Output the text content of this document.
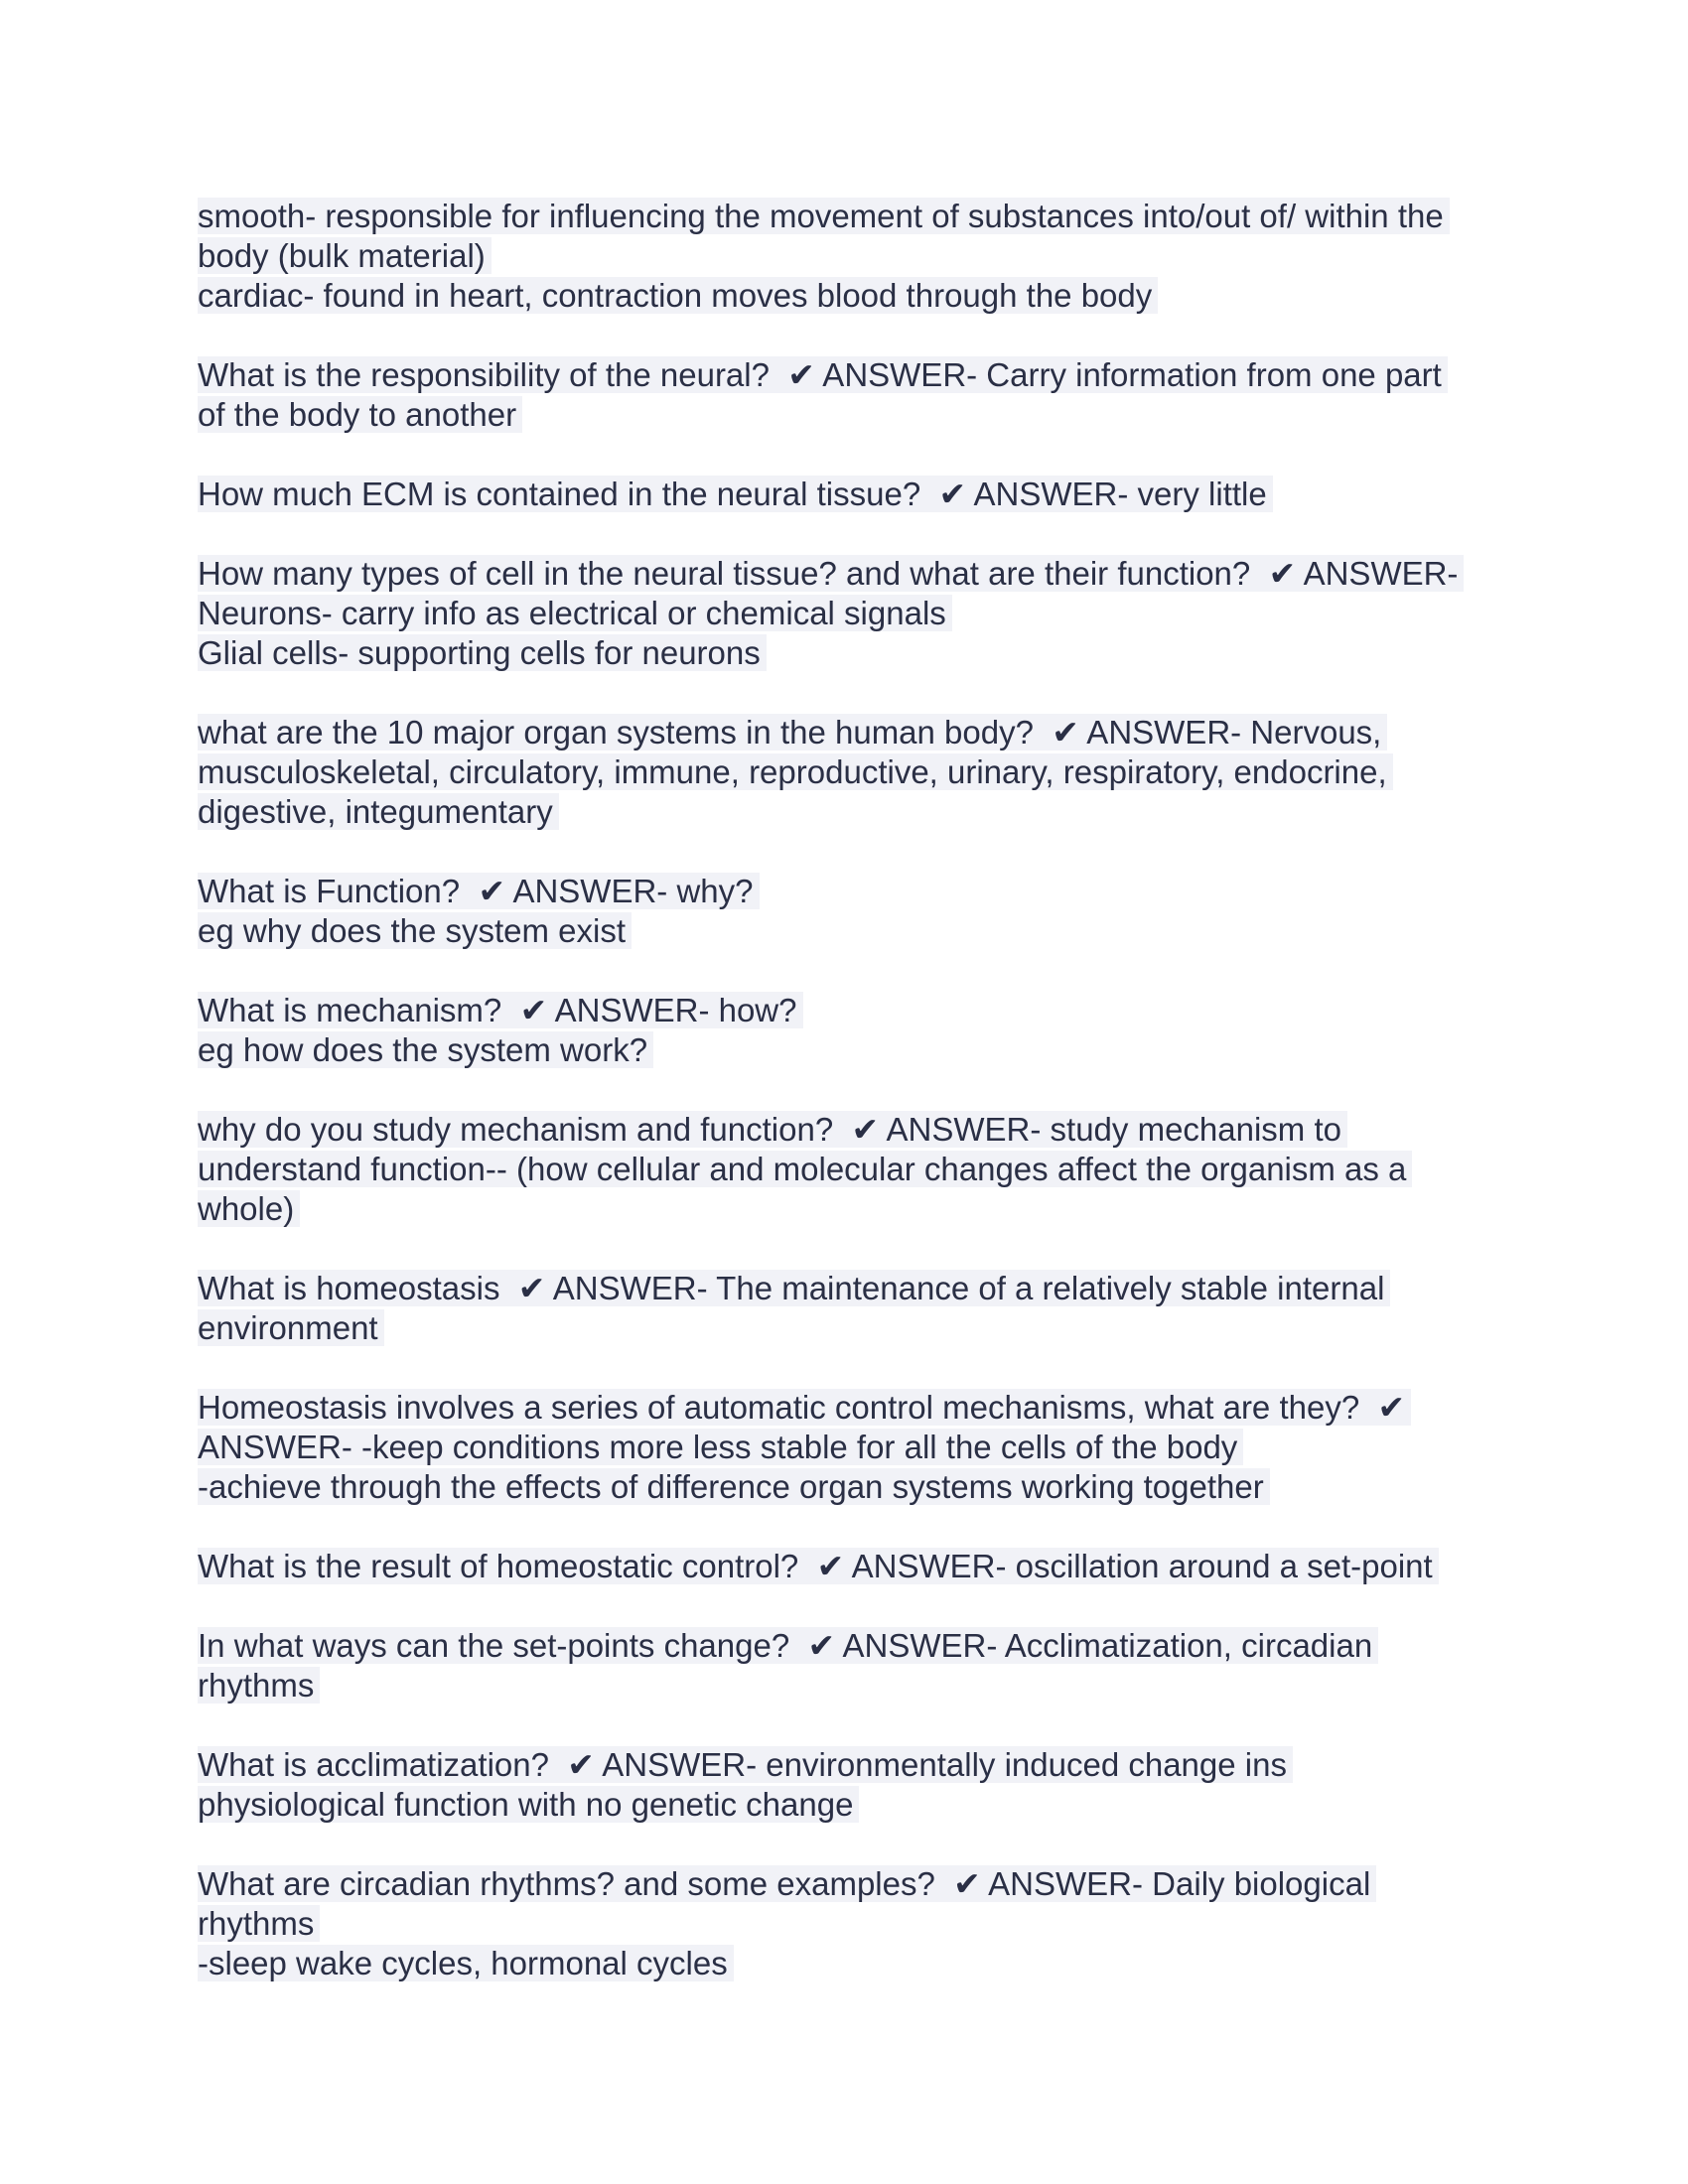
smooth- responsible for influencing the movement of substances into/out of/ within the
body (bulk material)
cardiac- found in heart, contraction moves blood through the body
What is the responsibility of the neural?  ✔ ANSWER- Carry information from one part
of the body to another
How much ECM is contained in the neural tissue?  ✔ ANSWER- very little
How many types of cell in the neural tissue? and what are their function?  ✔ ANSWER-
Neurons- carry info as electrical or chemical signals
Glial cells- supporting cells for neurons
what are the 10 major organ systems in the human body?  ✔ ANSWER- Nervous,
musculoskeletal, circulatory, immune, reproductive, urinary, respiratory, endocrine,
digestive, integumentary
What is Function?  ✔ ANSWER- why?
eg why does the system exist
What is mechanism?  ✔ ANSWER- how?
eg how does the system work?
why do you study mechanism and function?  ✔ ANSWER- study mechanism to
understand function-- (how cellular and molecular changes affect the organism as a
whole)
What is homeostasis  ✔ ANSWER- The maintenance of a relatively stable internal
environment
Homeostasis involves a series of automatic control mechanisms, what are they?  ✔
ANSWER- -keep conditions more less stable for all the cells of the body
-achieve through the effects of difference organ systems working together
What is the result of homeostatic control?  ✔ ANSWER- oscillation around a set-point
In what ways can the set-points change?  ✔ ANSWER- Acclimatization, circadian
rhythms
What is acclimatization?  ✔ ANSWER- environmentally induced change ins
physiological function with no genetic change
What are circadian rhythms? and some examples?  ✔ ANSWER- Daily biological
rhythms
-sleep wake cycles, hormonal cycles
